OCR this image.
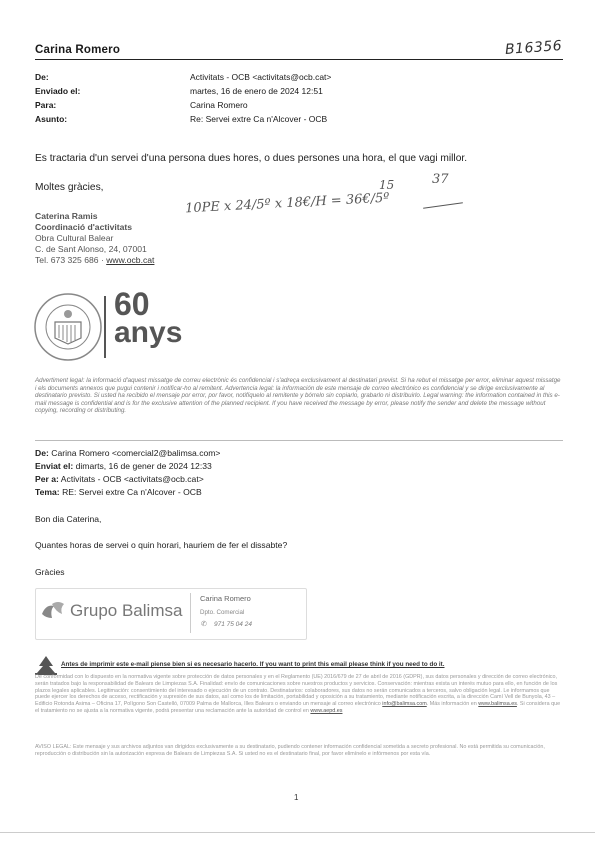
Carina Romero	B16356
De:	Activitats - OCB <activitats@ocb.cat>
Enviado el:	martes, 16 de enero de 2024 12:51
Para:	Carina Romero
Asunto:	Re: Servei extre Ca n'Alcover - OCB
Es tractaria d'un servei d'una persona dues hores, o dues persones una hora, el que vagi millor.
Moltes gràcies,
10PE x 24/5º x 18€/H = 36€/5º
15	37
Caterina Ramis
Coordinació d'activitats
Obra Cultural Balear
C. de Sant Alonso, 24, 07001
Tel. 673 325 686 · www.ocb.cat
60
anys
Advertiment legal: la informació d'aquest missatge de correu electrònic és confidencial i s'adreça exclusivament al destinatari previst. Si ha rebut el missatge per error, eliminar aquest missatge i els documents annexos que pugui contenir i notificar-ho al remitent. Advertencia legal: la información de este mensaje de correo electrónico es confidencial y se dirige exclusivamente al destinatario previsto. Si usted ha recibido el mensaje por error, por favor, notifíquelo al remitente y bórrelo sin copiarlo, grabarlo ni distribuirlo. Legal warning: the information contained in this e-mail message is confidential and is for the exclusive attention of the planned recipient. If you have received the message by error, please notify the sender and delete the message without copying, recording or distributing.
De: Carina Romero <comercial2@balimsa.com>
Enviat el: dimarts, 16 de gener de 2024 12:33
Per a: Activitats - OCB <activitats@ocb.cat>
Tema: RE: Servei extre Ca n'Alcover - OCB
Bon dia Caterina,
Quantes horas de servei o quin horari, hauriem de fer el dissabte?
Gràcies
Grupo Balimsa
Carina Romero
Dpto. Comercial
✆ 971 75 04 24
Antes de imprimir este e-mail piense bien si es necesario hacerlo. If you want to print this email please think if you need to do it.
De conformidad con lo dispuesto en la normativa vigente sobre protección de datos personales y en el Reglamento (UE) 2016/679 de 27 de abril de 2016 (GDPR), sus datos personales y dirección de correo electrónico, serán tratados bajo la responsabilidad de Balears de Limpiezas S.A. Finalidad: envío de comunicaciones sobre nuestros productos y servicios. Conservación: mientras exista un interés mutuo para ello, en función de los plazos legales aplicables. Legitimación: consentimiento del interesado o ejecución de un contrato. Destinatarios: colaboradores, sus datos no serán comunicados a terceros, salvo obligación legal. Le informamos que puede ejercer los derechos de acceso, rectificación y supresión de sus datos, así como los de limitación, portabilidad y oposición a su tratamiento, mediante notificación escrita, a la dirección Camí Vell de Bunyola, 43 – Edificio Rotonda Asima – Oficina 17, Polígono Son Castelló, 07009 Palma de Mallorca, Illes Balears o enviando un mensaje al correo electrónico info@balimsa.com. Más información en www.balimsa.es. Si considera que el tratamiento no se ajusta a la normativa vigente, podrá presentar una reclamación ante la autoridad de control en www.aepd.es
AVISO LEGAL: Este mensaje y sus archivos adjuntos van dirigidos exclusivamente a su destinatario, pudiendo contener información confidencial sometida a secreto profesional. No está permitida su comunicación, reproducción o distribución sin la autorización expresa de Balears de Limpiezas S.A. Si usted no es el destinatario final, por favor elimínelo e infórmenos por esta vía.
1
